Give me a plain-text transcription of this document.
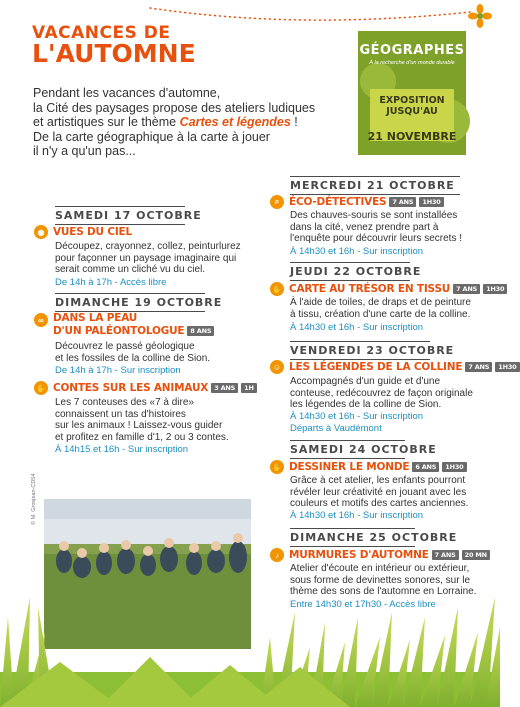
VACANCES DE
L'AUTOMNE
Pendant les vacances d'automne,
la Cité des paysages propose des ateliers ludiques
et artistiques sur le thème Cartes et légendes !
De la carte géographique à la carte à jouer
il n'y a qu'un pas...
GÉOGRAPHES
À la recherche d'un monde durable
EXPOSITION
JUSQU'AU
21 NOVEMBRE
SAMEDI 17 OCTOBRE
◉ VUES DU CIEL
Découpez, crayonnez, collez, peinturlurez
pour façonner un paysage imaginaire qui
serait comme un cliché vu du ciel.
De 14h à 17h - Accès libre
DIMANCHE 19 OCTOBRE
∞ DANS LA PEAU
D'UN PALÉONTOLOGUE 8 ANS
Découvrez le passé géologique
et les fossiles de la colline de Sion.
De 14h à 17h - Sur inscription
✋ CONTES SUR LES ANIMAUX 3 ANS 1H
Les 7 conteuses des «7 à dire»
connaissent un tas d'histoires
sur les animaux ! Laissez-vous guider
et profitez en famille d'1, 2 ou 3 contes.
À 14h15 et 16h - Sur inscription
© M. Grosjean-CD54
MERCREDI 21 OCTOBRE
⌕ ÉCO-DÉTECTIVES 7 ANS 1H30
Des chauves-souris se sont installées
dans la cité, venez prendre part à
l'enquête pour découvrir leurs secrets !
À 14h30 et 16h - Sur inscription
JEUDI 22 OCTOBRE
✋ CARTE AU TRÉSOR EN TISSU 7 ANS 1H30
À l'aide de toiles, de draps et de peinture
à tissu, création d'une carte de la colline.
À 14h30 et 16h - Sur inscription
VENDREDI 23 OCTOBRE
☺ LES LÉGENDES DE LA COLLINE 7 ANS 1H30
Accompagnés d'un guide et d'une
conteuse, redécouvrez de façon originale
les légendes de la colline de Sion.
À 14h30 et 16h - Sur inscription
Départs à Vaudémont
SAMEDI 24 OCTOBRE
✋ DESSINER LE MONDE 6 ANS 1H30
Grâce à cet atelier, les enfants pourront
révéler leur créativité en jouant avec les
couleurs et motifs des cartes anciennes.
À 14h30 et 16h - Sur inscription
DIMANCHE 25 OCTOBRE
♪ MURMURES D'AUTOMNE 7 ANS 20 MN
Atelier d'écoute en intérieur ou extérieur,
sous forme de devinettes sonores, sur le
thème des sons de l'automne en Lorraine.
Entre 14h30 et 17h30 - Accès libre
